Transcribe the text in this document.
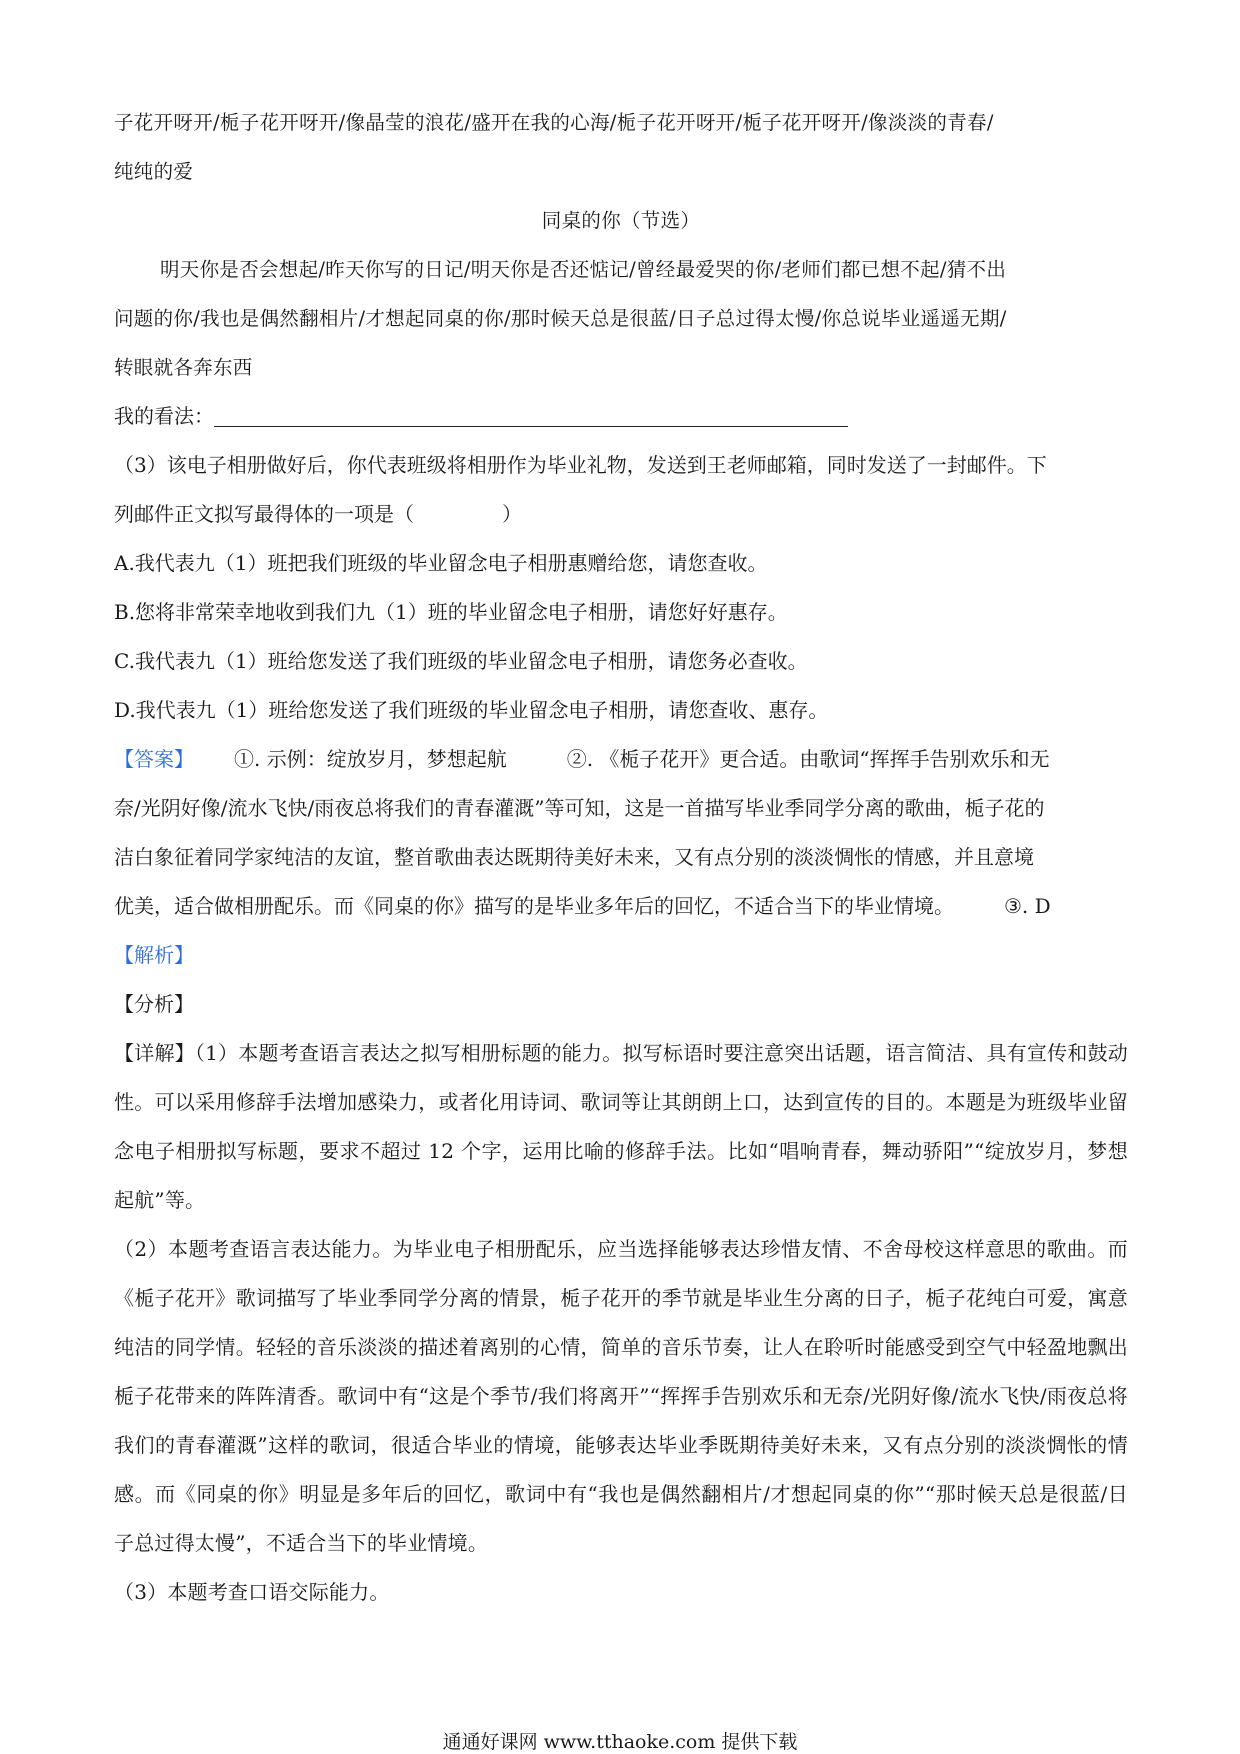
子花开呀开/栀子花开呀开/像晶莹的浪花/盛开在我的心海/栀子花开呀开/栀子花开呀开/像淡淡的青春/
纯纯的爱
同桌的你（节选）
明天你是否会想起/昨天你写的日记/明天你是否还惦记/曾经最爱哭的你/老师们都已想不起/猜不出
问题的你/我也是偶然翻相片/才想起同桌的你/那时候天总是很蓝/日子总过得太慢/你总说毕业遥遥无期/
转眼就各奔东西
我的看法：
（3）该电子相册做好后，你代表班级将相册作为毕业礼物，发送到王老师邮箱，同时发送了一封邮件。下
列邮件正文拟写最得体的一项是（	）
A.我代表九（1）班把我们班级的毕业留念电子相册惠赠给您，请您查收。
B.您将非常荣幸地收到我们九（1）班的毕业留念电子相册，请您好好惠存。
C.我代表九（1）班给您发送了我们班级的毕业留念电子相册，请您务必查收。
D.我代表九（1）班给您发送了我们班级的毕业留念电子相册，请您查收、惠存。
【答案】 ①. 示例：绽放岁月，梦想起航	②. 《栀子花开》更合适。由歌词“挥挥手告别欢乐和无
奈/光阴好像/流水飞快/雨夜总将我们的青春灌溉”等可知，这是一首描写毕业季同学分离的歌曲，栀子花的
洁白象征着同学家纯洁的友谊，整首歌曲表达既期待美好未来，又有点分别的淡淡惆怅的情感，并且意境
优美，适合做相册配乐。而《同桌的你》描写的是毕业多年后的回忆，不适合当下的毕业情境。	③. D
【解析】
【分析】
【详解】（1）本题考查语言表达之拟写相册标题的能力。拟写标语时要注意突出话题，语言简洁、具有宣传和鼓动性。可以采用修辞手法增加感染力，或者化用诗词、歌词等让其朗朗上口，达到宣传的目的。本题是为班级毕业留念电子相册拟写标题，要求不超过 12 个字，运用比喻的修辞手法。比如“唱响青春，舞动骄阳”“绽放岁月，梦想起航”等。
（2）本题考查语言表达能力。为毕业电子相册配乐，应当选择能够表达珍惜友情、不舍母校这样意思的歌曲。而《栀子花开》歌词描写了毕业季同学分离的情景，栀子花开的季节就是毕业生分离的日子，栀子花纯白可爱，寓意纯洁的同学情。轻轻的音乐淡淡的描述着离别的心情，简单的音乐节奏，让人在聆听时能感受到空气中轻盈地飘出栀子花带来的阵阵清香。歌词中有“这是个季节/我们将离开”“挥挥手告别欢乐和无奈/光阴好像/流水飞快/雨夜总将我们的青春灌溉”这样的歌词，很适合毕业的情境，能够表达毕业季既期待美好未来，又有点分别的淡淡惆怅的情感。而《同桌的你》明显是多年后的回忆，歌词中有“我也是偶然翻相片/才想起同桌的你”“那时候天总是很蓝/日子总过得太慢”，不适合当下的毕业情境。
（3）本题考查口语交际能力。
通通好课网 www.tthaoke.com 提供下载
